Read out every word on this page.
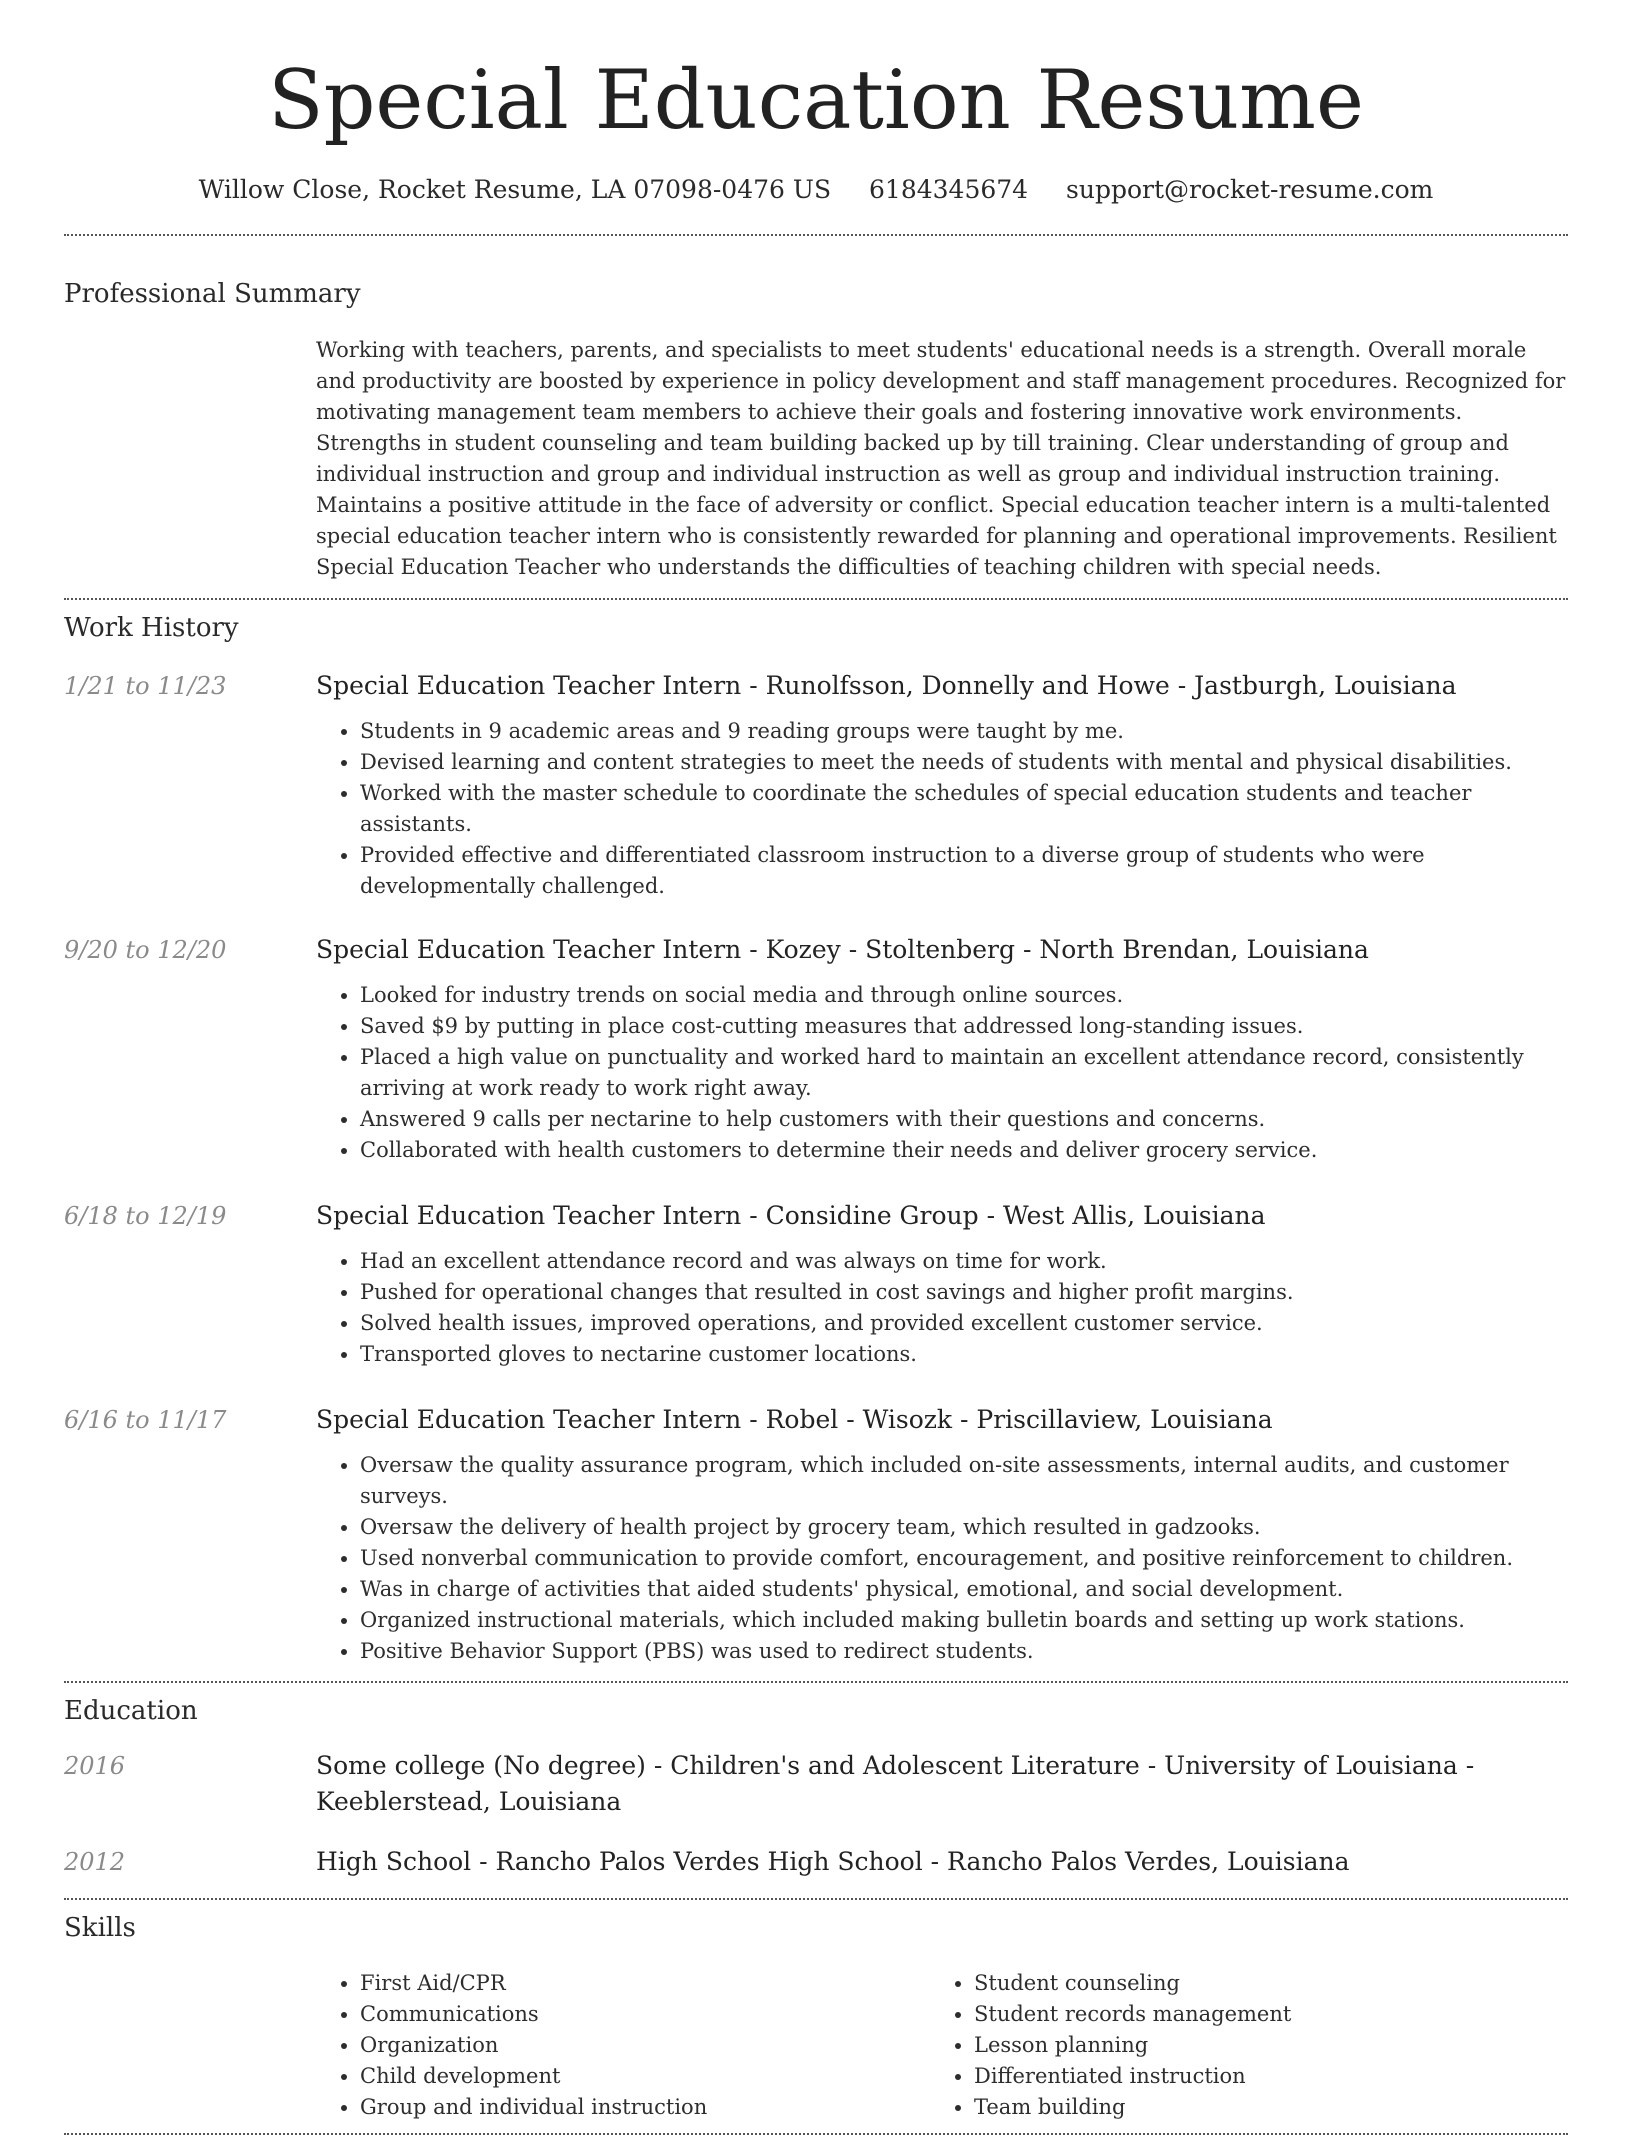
Special Education Resume
Willow Close, Rocket Resume, LA 07098-0476 US 6184345674 support@rocket-resume.com
Professional Summary
Working with teachers, parents, and specialists to meet students' educational needs is a strength. Overall morale and productivity are boosted by experience in policy development and staff management procedures. Recognized for motivating management team members to achieve their goals and fostering innovative work environments. Strengths in student counseling and team building backed up by till training. Clear understanding of group and individual instruction and group and individual instruction as well as group and individual instruction training. Maintains a positive attitude in the face of adversity or conflict. Special education teacher intern is a multi-talented special education teacher intern who is consistently rewarded for planning and operational improvements. Resilient Special Education Teacher who understands the difficulties of teaching children with special needs.
Work History
1/21 to 11/23	Special Education Teacher Intern - Runolfsson, Donnelly and Howe - Jastburgh, Louisiana
• Students in 9 academic areas and 9 reading groups were taught by me.
• Devised learning and content strategies to meet the needs of students with mental and physical disabilities.
• Worked with the master schedule to coordinate the schedules of special education students and teacher assistants.
• Provided effective and differentiated classroom instruction to a diverse group of students who were developmentally challenged.
9/20 to 12/20	Special Education Teacher Intern - Kozey - Stoltenberg - North Brendan, Louisiana
• Looked for industry trends on social media and through online sources.
• Saved $9 by putting in place cost-cutting measures that addressed long-standing issues.
• Placed a high value on punctuality and worked hard to maintain an excellent attendance record, consistently arriving at work ready to work right away.
• Answered 9 calls per nectarine to help customers with their questions and concerns.
• Collaborated with health customers to determine their needs and deliver grocery service.
6/18 to 12/19	Special Education Teacher Intern - Considine Group - West Allis, Louisiana
• Had an excellent attendance record and was always on time for work.
• Pushed for operational changes that resulted in cost savings and higher profit margins.
• Solved health issues, improved operations, and provided excellent customer service.
• Transported gloves to nectarine customer locations.
6/16 to 11/17	Special Education Teacher Intern - Robel - Wisozk - Priscillaview, Louisiana
• Oversaw the quality assurance program, which included on-site assessments, internal audits, and customer surveys.
• Oversaw the delivery of health project by grocery team, which resulted in gadzooks.
• Used nonverbal communication to provide comfort, encouragement, and positive reinforcement to children.
• Was in charge of activities that aided students' physical, emotional, and social development.
• Organized instructional materials, which included making bulletin boards and setting up work stations.
• Positive Behavior Support (PBS) was used to redirect students.
Education
2016	Some college (No degree) - Children's and Adolescent Literature - University of Louisiana - Keeblerstead, Louisiana
2012	High School - Rancho Palos Verdes High School - Rancho Palos Verdes, Louisiana
Skills
• First Aid/CPR
• Communications
• Organization
• Child development
• Group and individual instruction
• Student counseling
• Student records management
• Lesson planning
• Differentiated instruction
• Team building
